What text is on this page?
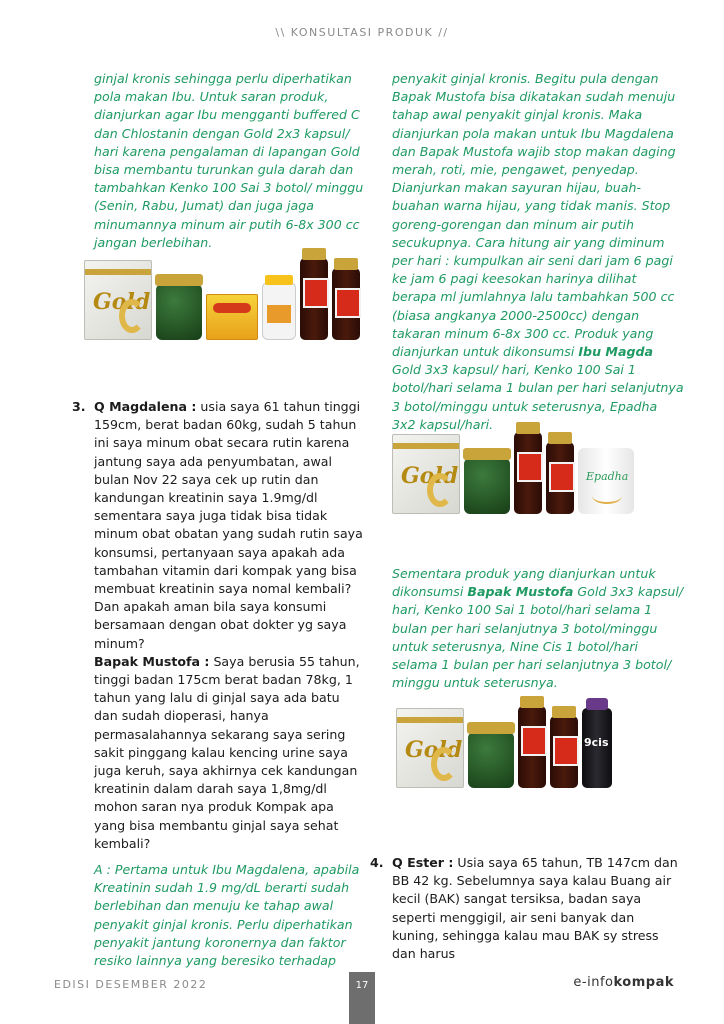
\\ KONSULTASI PRODUK //
ginjal kronis sehingga perlu diperhatikan pola makan Ibu. Untuk saran produk, dianjurkan agar Ibu mengganti buffered C dan Chlostanin dengan Gold 2x3 kapsul/ hari karena pengalaman di lapangan Gold bisa membantu turunkan gula darah dan tambahkan Kenko 100 Sai 3 botol/ minggu (Senin, Rabu, Jumat) dan juga jaga minumannya minum air putih 6-8x 300 cc jangan berlebihan.
Gold
3. Q Magdalena : usia saya 61 tahun tinggi 159cm, berat badan 60kg, sudah 5 tahun ini saya minum obat secara rutin karena jantung saya ada penyumbatan, awal bulan Nov 22 saya cek up rutin dan kandungan kreatinin saya 1.9mg/dl sementara saya juga tidak bisa tidak minum obat obatan yang sudah rutin saya konsumsi, pertanyaan saya apakah ada tambahan vitamin dari kompak yang bisa membuat kreatinin saya nomal kembali? Dan apakah aman bila saya konsumi bersamaan dengan obat dokter yg saya minum?

Bapak Mustofa : Saya berusia 55 tahun, tinggi badan 175cm berat badan 78kg, 1 tahun yang lalu di ginjal saya ada batu dan sudah dioperasi, hanya permasalahannya sekarang saya sering sakit pinggang kalau kencing urine saya juga keruh, saya akhirnya cek kandungan kreatinin dalam darah saya 1,8mg/dl mohon saran nya produk Kompak apa yang bisa membantu ginjal saya sehat kembali?

A : Pertama untuk Ibu Magdalena, apabila Kreatinin sudah 1.9 mg/dL berarti sudah berlebihan dan menuju ke tahap awal penyakit ginjal kronis. Perlu diperhatikan penyakit jantung koronernya dan faktor resiko lainnya yang beresiko terhadap

penyakit ginjal kronis. Begitu pula dengan Bapak Mustofa bisa dikatakan sudah menuju tahap awal penyakit ginjal kronis. Maka dianjurkan pola makan untuk Ibu Magdalena dan Bapak Mustofa wajib stop makan daging merah, roti, mie, pengawet, penyedap. Dianjurkan makan sayuran hijau, buah-buahan warna hijau, yang tidak manis. Stop goreng-gorengan dan minum air putih secukupnya. Cara hitung air yang diminum per hari : kumpulkan air seni dari jam 6 pagi ke jam 6 pagi keesokan harinya dilihat berapa ml jumlahnya lalu tambahkan 500 cc (biasa angkanya 2000-2500cc) dengan takaran minum 6-8x 300 cc. Produk yang dianjurkan untuk dikonsumsi Ibu Magda Gold 3x3 kapsul/ hari, Kenko 100 Sai 1 botol/hari selama 1 bulan per hari selanjutnya 3 botol/minggu untuk seterusnya, Epadha 3x2 kapsul/hari.
Gold	Epadha
Sementara produk yang dianjurkan untuk dikonsumsi Bapak Mustofa Gold 3x3 kapsul/ hari, Kenko 100 Sai 1 botol/hari selama 1 bulan per hari selanjutnya 3 botol/minggu untuk seterusnya, Nine Cis 1 botol/hari selama 1 bulan per hari selanjutnya 3 botol/ minggu untuk seterusnya.
Gold	9cis
4. Q Ester : Usia saya 65 tahun, TB 147cm dan BB 42 kg. Sebelumnya saya kalau Buang air kecil (BAK) sangat tersiksa, badan saya seperti menggigil, air seni banyak dan kuning, sehingga kalau mau BAK sy stress dan harus

EDISI DESEMBER 2022	17	e-infokompak
